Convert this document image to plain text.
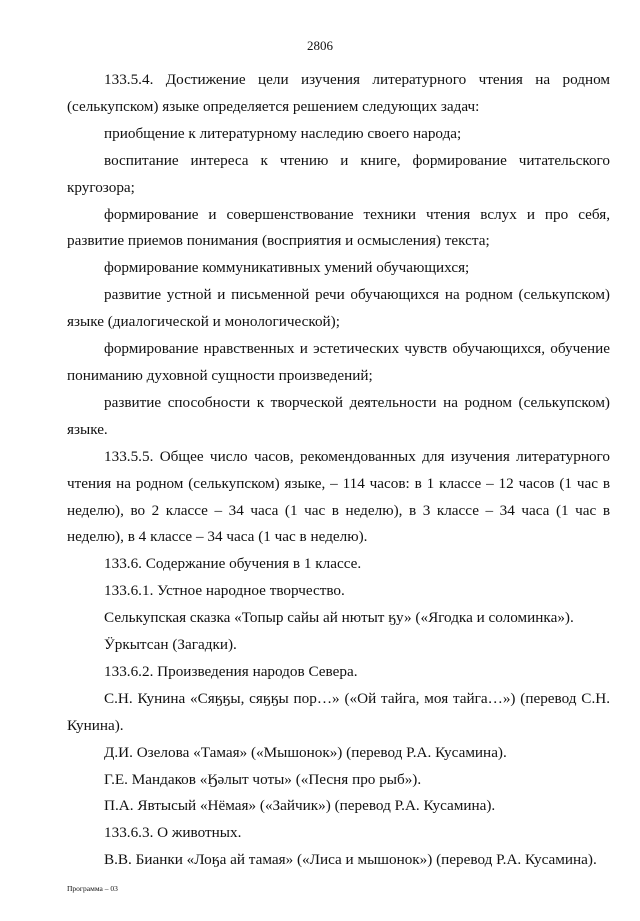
2806

133.5.4. Достижение цели изучения литературного чтения на родном (селькупском) языке определяется решением следующих задач:

приобщение к литературному наследию своего народа;

воспитание интереса к чтению и книге, формирование читательского кругозора;

формирование и совершенствование техники чтения вслух и про себя, развитие приемов понимания (восприятия и осмысления) текста;

формирование коммуникативных умений обучающихся;

развитие устной и письменной речи обучающихся на родном (селькупском) языке (диалогической и монологической);

формирование нравственных и эстетических чувств обучающихся, обучение пониманию духовной сущности произведений;

развитие способности к творческой деятельности на родном (селькупском) языке.

133.5.5. Общее число часов, рекомендованных для изучения литературного чтения на родном (селькупском) языке, – 114 часов: в 1 классе – 12 часов (1 час в неделю), во 2 классе – 34 часа (1 час в неделю), в 3 классе – 34 часа (1 час в неделю), в 4 классе – 34 часа (1 час в неделю).

133.6. Содержание обучения в 1 классе.

133.6.1. Устное народное творчество.

Селькупская сказка «Топыр сайы ай нютыт ӄу» («Ягодка и соломинка»).

Ӱркытсан (Загадки).

133.6.2. Произведения народов Севера.

С.Н. Кунина «Сяӄӄы, сяӄӄы пор…» («Ой тайга, моя тайга…») (перевод С.Н. Кунина).

Д.И. Озелова «Тамая» («Мышонок») (перевод Р.А. Кусамина).

Г.Е. Мандаков «Ӄәлыт чоты» («Песня про рыб»).

П.А. Явтысый «Нёмая» («Зайчик») (перевод Р.А. Кусамина).

133.6.3. О животных.

В.В. Бианки «Лоӄа ай тамая» («Лиса и мышонок») (перевод Р.А. Кусамина).

Программа – 03
